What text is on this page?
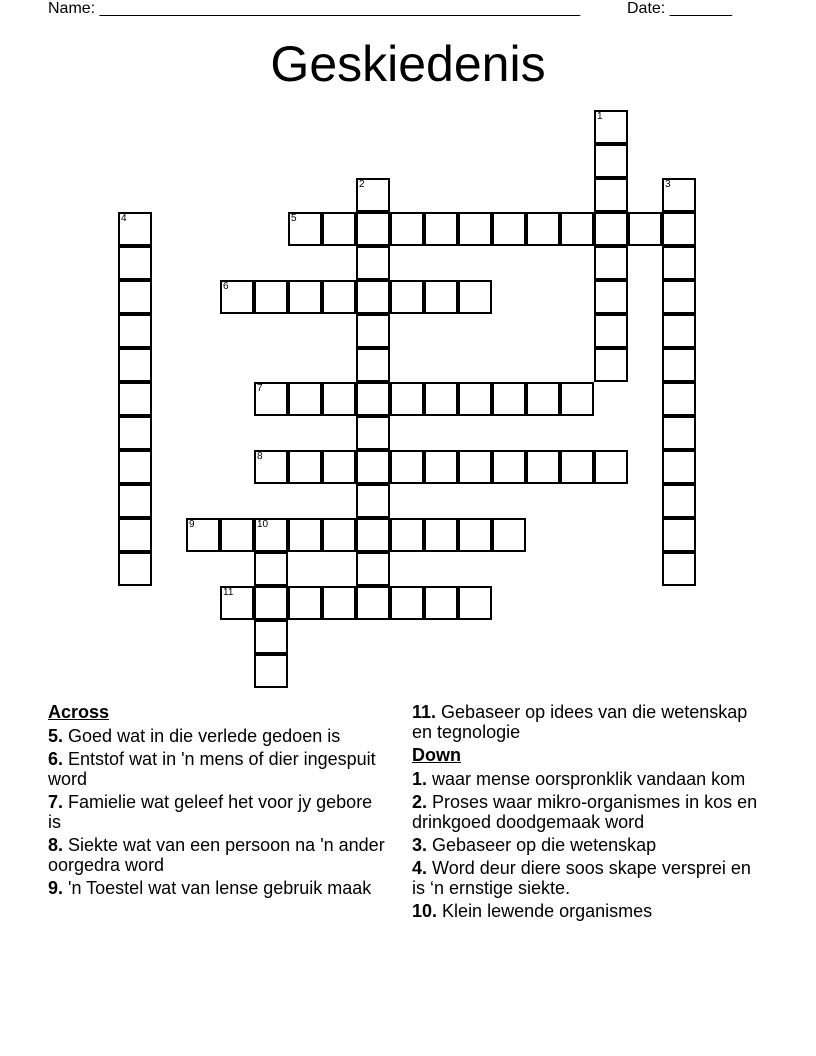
Name: ______________________________________________________	Date: _______
Geskiedenis
1
2	3
4	5
6
7
8
9	10
11
Across
5. Goed wat in die verlede gedoen is
6. Entstof wat in 'n mens of dier ingespuit word
7. Famielie wat geleef het voor jy gebore is
8. Siekte wat van een persoon na 'n ander oorgedra word
9. 'n Toestel wat van lense gebruik maak
11. Gebaseer op idees van die wetenskap en tegnologie
Down
1. waar mense oorspronklik vandaan kom
2. Proses waar mikro-organismes in kos en drinkgoed doodgemaak word
3. Gebaseer op die wetenskap
4. Word deur diere soos skape versprei en is ‘n ernstige siekte.
10. Klein lewende organismes
